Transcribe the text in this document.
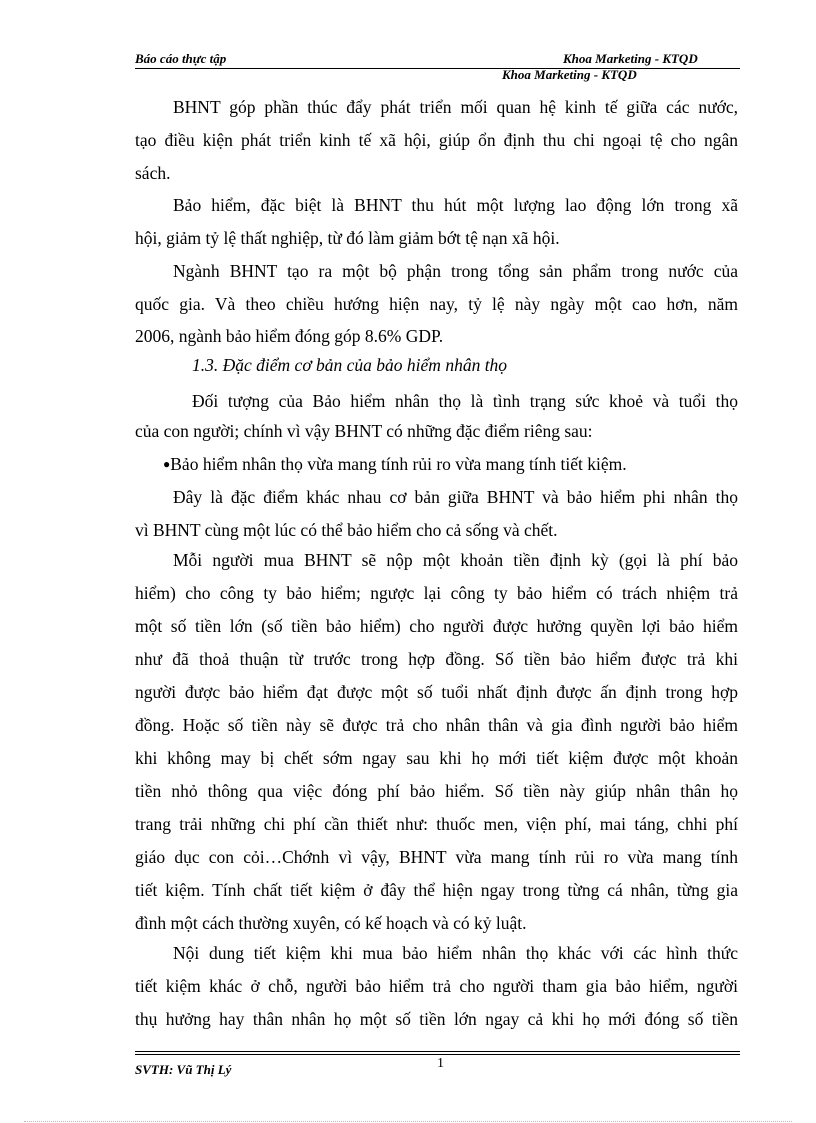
Báo cáo thực tập	Khoa Marketing - KTQD
Khoa Marketing - KTQD
BHNT góp phần thúc đẩy phát triển mối quan hệ kinh tế giữa các nước,
tạo điều kiện phát triển kinh tế xã hội, giúp ổn định thu chi ngoại tệ cho ngân
sách.
Bảo hiểm, đặc biệt là BHNT thu hút một lượng lao động lớn trong xã
hội, giảm tỷ lệ thất nghiệp, từ đó làm giảm bớt tệ nạn xã hội.
Ngành BHNT tạo ra một bộ phận trong tổng sản phẩm trong nước của
quốc gia. Và theo chiều hướng hiện nay, tỷ lệ này ngày một cao hơn, năm
2006, ngành bảo hiểm đóng góp 8.6% GDP.
1.3. Đặc điểm cơ bản của bảo hiểm nhân thọ
Đối tượng của Bảo hiểm nhân thọ là tình trạng sức khoẻ và tuổi thọ
của con người; chính vì vậy BHNT có những đặc điểm riêng sau:
●Bảo hiểm nhân thọ vừa mang tính rủi ro vừa mang tính tiết kiệm.
Đây là đặc điểm khác nhau cơ bản giữa BHNT và bảo hiểm phi nhân thọ
vì BHNT cùng một lúc có thể bảo hiểm cho cả sống và chết.
Mỗi người mua BHNT sẽ nộp một khoản tiền định kỳ (gọi là phí bảo
hiểm) cho công ty bảo hiểm; ngược lại công ty bảo hiểm có trách nhiệm trả
một số tiền lớn (số tiền bảo hiểm) cho người được hưởng quyền lợi bảo hiểm
như đã thoả thuận từ trước trong hợp đồng. Số tiền bảo hiểm được trả khi
người được bảo hiểm đạt được một số tuổi nhất định được ấn định trong hợp
đồng. Hoặc số tiền này sẽ được trả cho nhân thân và gia đình người bảo hiểm
khi không may bị chết sớm ngay sau khi họ mới tiết kiệm được một khoản
tiền nhỏ thông qua việc đóng phí bảo hiểm. Số tiền này giúp nhân thân họ
trang trải những chi phí cần thiết như: thuốc men, viện phí, mai táng, chhi phí
giáo dục con cỏi…Chớnh vì vậy, BHNT vừa mang tính rủi ro vừa mang tính
tiết kiệm. Tính chất tiết kiệm ở đây thể hiện ngay trong từng cá nhân, từng gia
đình một cách thường xuyên, có kế hoạch và có kỷ luật.
Nội dung tiết kiệm khi mua bảo hiểm nhân thọ khác với các hình thức
tiết kiệm khác ở chỗ, người bảo hiểm trả cho người tham gia bảo hiểm, người
thụ hưởng hay thân nhân họ một số tiền lớn ngay cả khi họ mới đóng số tiền
SVTH: Vũ Thị Lý	1
